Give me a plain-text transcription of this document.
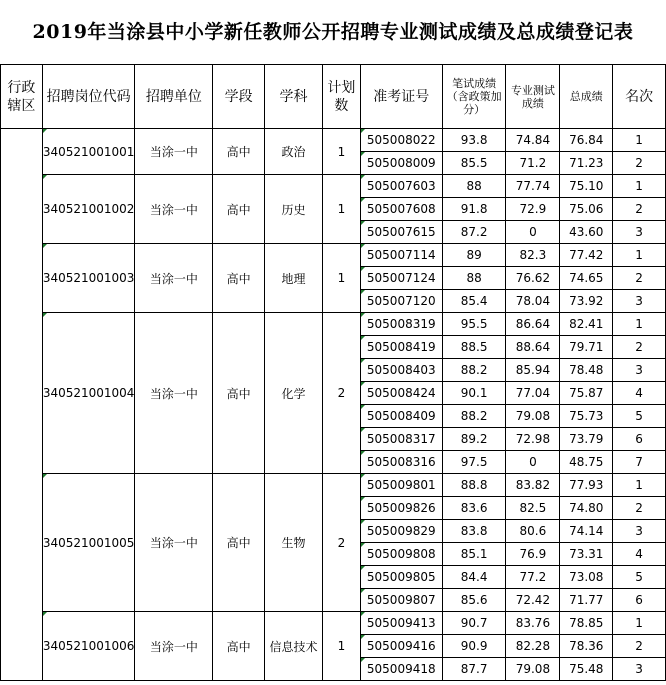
2019年当涂县中小学新任教师公开招聘专业测试成绩及总成绩登记表
行政辖区	招聘岗位代码	招聘单位	学段	学科	计划数	准考证号	笔试成绩（含政策加分）	专业测试成绩	总成绩	名次
	340521001001	当涂一中	高中	政治	1	505008022	93.8	74.84	76.84	1
						505008009	85.5	71.2	71.23	2
	340521001002	当涂一中	高中	历史	1	505007603	88	77.74	75.10	1
						505007608	91.8	72.9	75.06	2
						505007615	87.2	0	43.60	3
	340521001003	当涂一中	高中	地理	1	505007114	89	82.3	77.42	1
						505007124	88	76.62	74.65	2
						505007120	85.4	78.04	73.92	3
	340521001004	当涂一中	高中	化学	2	505008319	95.5	86.64	82.41	1
						505008419	88.5	88.64	79.71	2
						505008403	88.2	85.94	78.48	3
						505008424	90.1	77.04	75.87	4
						505008409	88.2	79.08	75.73	5
						505008317	89.2	72.98	73.79	6
						505008316	97.5	0	48.75	7
	340521001005	当涂一中	高中	生物	2	505009801	88.8	83.82	77.93	1
						505009826	83.6	82.5	74.80	2
						505009829	83.8	80.6	74.14	3
						505009808	85.1	76.9	73.31	4
						505009805	84.4	77.2	73.08	5
						505009807	85.6	72.42	71.77	6
	340521001006	当涂一中	高中	信息技术	1	505009413	90.7	83.76	78.85	1
						505009416	90.9	82.28	78.36	2
						505009418	87.7	79.08	75.48	3
